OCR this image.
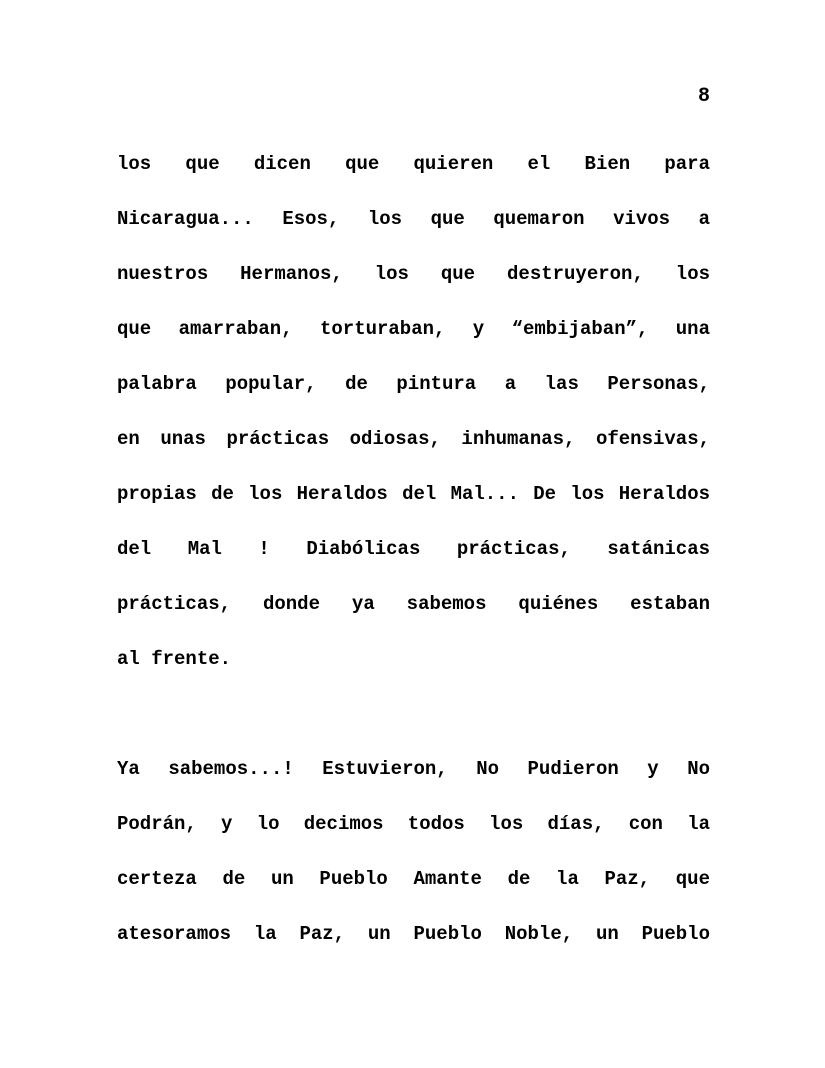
8
los que dicen que quieren el Bien para
Nicaragua... Esos, los que quemaron vivos a
nuestros Hermanos, los que destruyeron, los
que amarraban, torturaban, y “embijaban”, una
palabra popular, de pintura a las Personas,
en unas prácticas odiosas, inhumanas, ofensivas,
propias de los Heraldos del Mal... De los Heraldos
del Mal ! Diabólicas prácticas, satánicas
prácticas, donde ya sabemos quiénes estaban
al frente.
Ya sabemos...! Estuvieron, No Pudieron y No
Podrán, y lo decimos todos los días, con la
certeza de un Pueblo Amante de la Paz, que
atesoramos la Paz, un Pueblo Noble, un Pueblo
